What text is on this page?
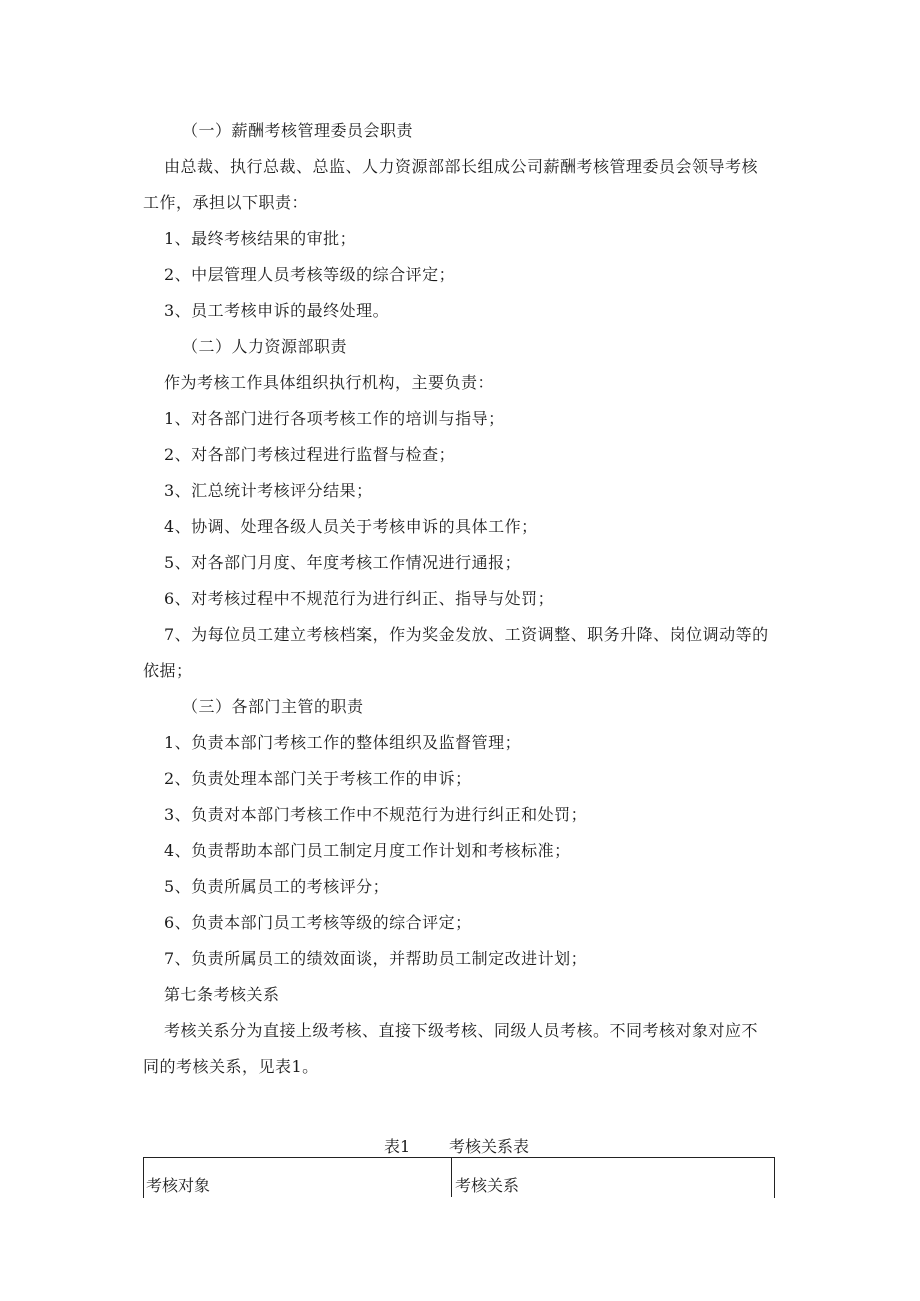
（一）薪酬考核管理委员会职责
由总裁、执行总裁、总监、人力资源部部长组成公司薪酬考核管理委员会领导考核
工作，承担以下职责：
1、最终考核结果的审批；
2、中层管理人员考核等级的综合评定；
3、员工考核申诉的最终处理。
（二）人力资源部职责
作为考核工作具体组织执行机构，主要负责：
1、对各部门进行各项考核工作的培训与指导；
2、对各部门考核过程进行监督与检查；
3、汇总统计考核评分结果；
4、协调、处理各级人员关于考核申诉的具体工作；
5、对各部门月度、年度考核工作情况进行通报；
6、对考核过程中不规范行为进行纠正、指导与处罚；
7、为每位员工建立考核档案，作为奖金发放、工资调整、职务升降、岗位调动等的
依据；
（三）各部门主管的职责
1、负责本部门考核工作的整体组织及监督管理；
2、负责处理本部门关于考核工作的申诉；
3、负责对本部门考核工作中不规范行为进行纠正和处罚；
4、负责帮助本部门员工制定月度工作计划和考核标准；
5、负责所属员工的考核评分；
6、负责本部门员工考核等级的综合评定；
7、负责所属员工的绩效面谈，并帮助员工制定改进计划；
第七条考核关系
考核关系分为直接上级考核、直接下级考核、同级人员考核。不同考核对象对应不
同的考核关系，见表1。
表1 考核关系表
考核对象	考核关系
